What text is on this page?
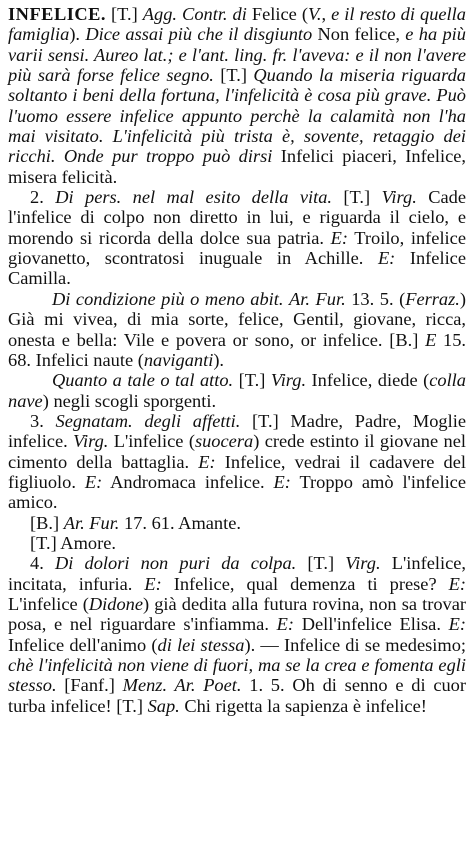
INFELICE. [T.] Agg. Contr. di Felice (V., e il resto di quella famiglia). Dice assai più che il disgiunto Non felice, e ha più varii sensi. Aureo lat.; e l'ant. ling. fr. l'aveva: e il non l'avere più sarà forse felice segno. [T.] Quando la miseria riguarda soltanto i beni della fortuna, l'infelicità è cosa più grave. Può l'uomo essere infelice appunto perchè la calamità non l'ha mai visitato. L'infelicità più trista è, sovente, retaggio dei ricchi. Onde pur troppo può dirsi Infelici piaceri, Infelice, misera felicità.

2. Di pers. nel mal esito della vita. [T.] Virg. Cade l'infelice di colpo non diretto in lui, e riguarda il cielo, e morendo si ricorda della dolce sua patria. E: Troilo, infelice giovanetto, scontratosi inuguale in Achille. E: Infelice Camilla.

Di condizione più o meno abit. Ar. Fur. 13. 5. (Ferraz.) Già mi vivea, di mia sorte, felice, Gentil, giovane, ricca, onesta e bella: Vile e povera or sono, or infelice. [B.] E 15. 68. Infelici naute (naviganti).

Quanto a tale o tal atto. [T.] Virg. Infelice, diede (colla nave) negli scogli sporgenti.

3. Segnatam. degli affetti. [T.] Madre, Padre, Moglie infelice. Virg. L'infelice (suocera) crede estinto il giovane nel cimento della battaglia. E: Infelice, vedrai il cadavere del figliuolo. E: Andromaca infelice. E: Troppo amò l'infelice amico.

[B.] Ar. Fur. 17. 61. Amante.

[T.] Amore.

4. Di dolori non puri da colpa. [T.] Virg. L'infelice, incitata, infuria. E: Infelice, qual demenza ti prese? E: L'infelice (Didone) già dedita alla futura rovina, non sa trovar posa, e nel riguardare s'infiamma. E: Dell'infelice Elisa. E: Infelice dell'animo (di lei stessa). — Infelice di se medesimo; chè l'infelicità non viene di fuori, ma se la crea e fomenta egli stesso. [Fanf.] Menz. Ar. Poet. 1. 5. Oh di senno e di cuor turba infelice! [T.] Sap. Chi rigetta la sapienza è infelice!
